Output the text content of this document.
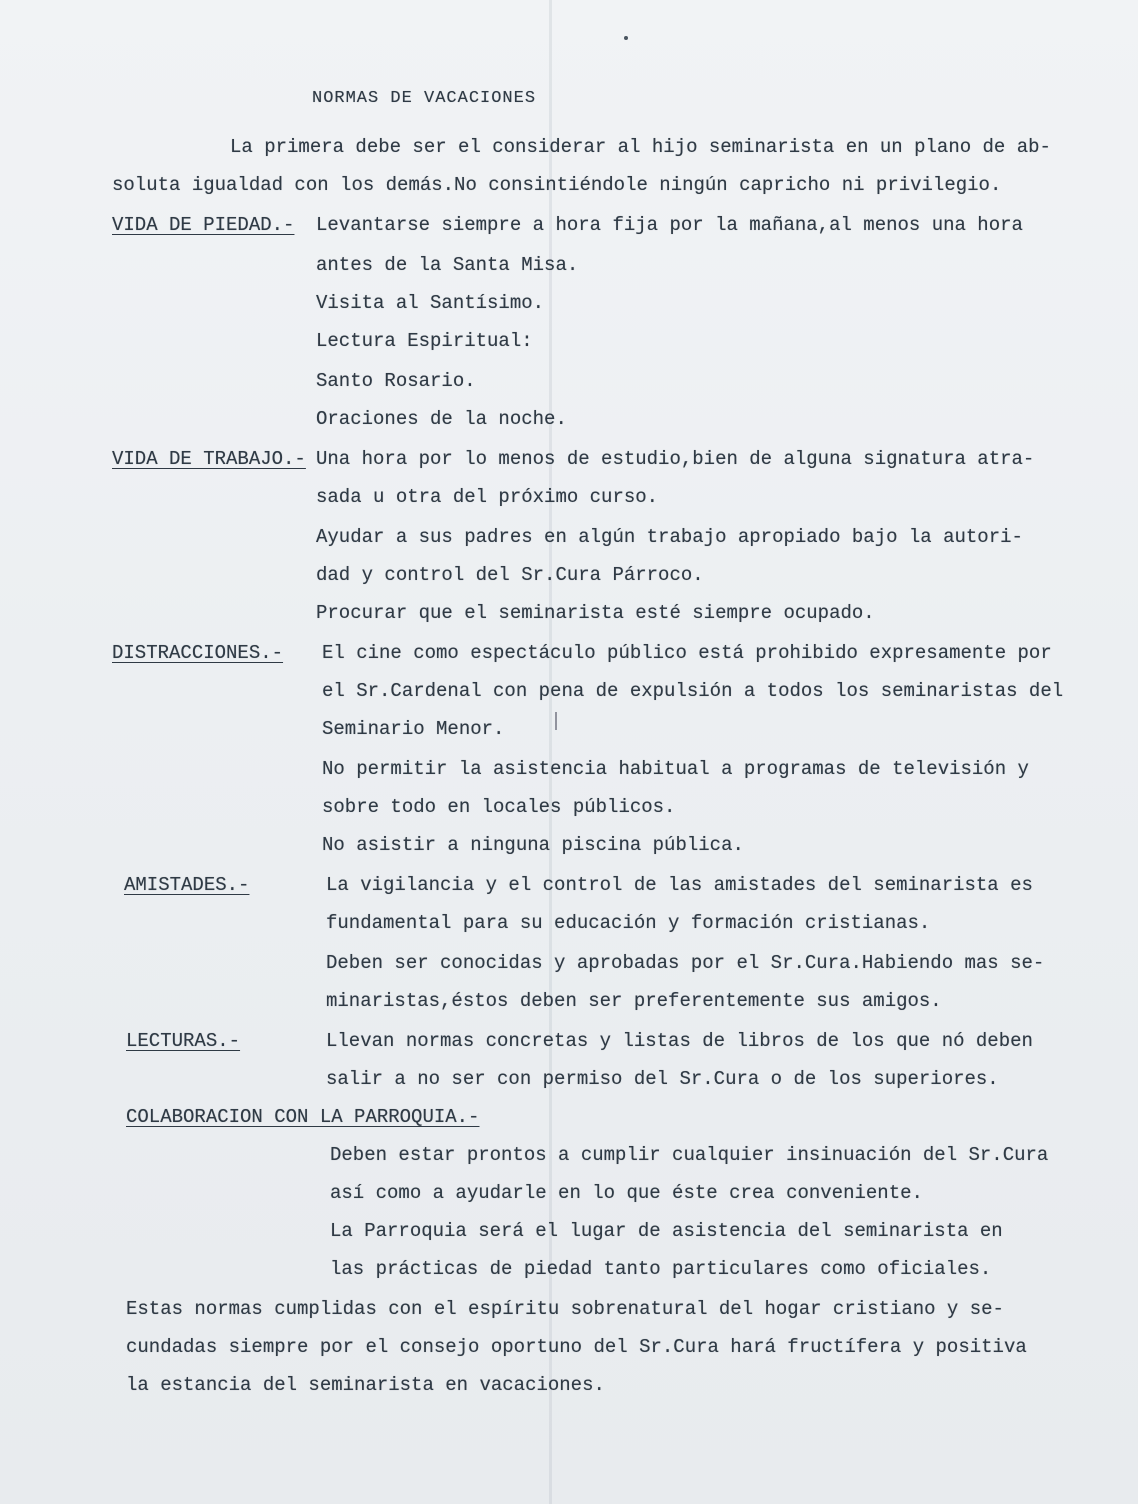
NORMAS DE VACACIONES
La primera debe ser el considerar al hijo seminarista en un plano de ab-
soluta igualdad con los demás.No consintiéndole ningún capricho ni privilegio.
VIDA DE PIEDAD.- Levantarse siempre a hora fija por la mañana,al menos una hora
antes de la Santa Misa.
Visita al Santísimo.
Lectura Espiritual:
Santo Rosario.
Oraciones de la noche.
VIDA DE TRABAJO.- Una hora por lo menos de estudio,bien de alguna signatura atra-
sada u otra del próximo curso.
Ayudar a sus padres en algún trabajo apropiado bajo la autori-
dad y control del Sr.Cura Párroco.
Procurar que el seminarista esté siempre ocupado.
DISTRACCIONES.- El cine como espectáculo público está prohibido expresamente por
el Sr.Cardenal con pena de expulsión a todos los seminaristas del
Seminario Menor.
No permitir la asistencia habitual a programas de televisión y
sobre todo en locales públicos.
No asistir a ninguna piscina pública.
AMISTADES.-	La vigilancia y el control de las amistades del seminarista es
fundamental para su educación y formación cristianas.
Deben ser conocidas y aprobadas por el Sr.Cura.Habiendo mas se-
minaristas,éstos deben ser preferentemente sus amigos.
LECTURAS.-	Llevan normas concretas y listas de libros de los que nó deben
salir a no ser con permiso del Sr.Cura o de los superiores.
COLABORACION CON LA PARROQUIA.-
Deben estar prontos a cumplir cualquier insinuación del Sr.Cura
así como a ayudarle en lo que éste crea conveniente.
La Parroquia será el lugar de asistencia del seminarista en
las prácticas de piedad tanto particulares como oficiales.
Estas normas cumplidas con el espíritu sobrenatural del hogar cristiano y se-
cundadas siempre por el consejo oportuno del Sr.Cura hará fructífera y positiva
la estancia del seminarista en vacaciones.
